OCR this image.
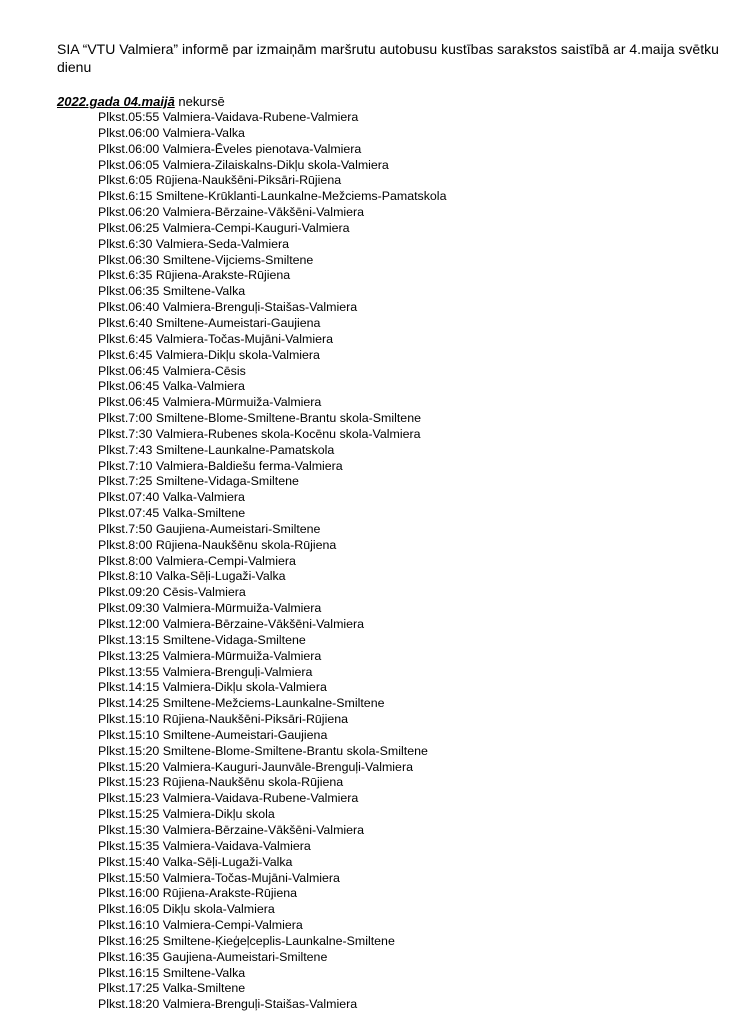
SIA “VTU Valmiera” informē par izmaiņām maršrutu autobusu kustības sarakstos saistībā ar 4.maija svētku dienu

2022.gada 04.maijā nekursē

Plkst.05:55 Valmiera-Vaidava-Rubene-Valmiera
Plkst.06:00 Valmiera-Valka
Plkst.06:00 Valmiera-Ēveles pienotava-Valmiera
Plkst.06:05 Valmiera-Zilaiskalns-Dikļu skola-Valmiera
Plkst.6:05 Rūjiena-Naukšēni-Piksāri-Rūjiena
Plkst.6:15 Smiltene-Krūklanti-Launkalne-Mežciems-Pamatskola
Plkst.06:20 Valmiera-Bērzaine-Vākšēni-Valmiera
Plkst.06:25 Valmiera-Cempi-Kauguri-Valmiera
Plkst.6:30 Valmiera-Seda-Valmiera
Plkst.06:30 Smiltene-Vijciems-Smiltene
Plkst.6:35 Rūjiena-Arakste-Rūjiena
Plkst.06:35 Smiltene-Valka
Plkst.06:40 Valmiera-Brenguļi-Staišas-Valmiera
Plkst.6:40 Smiltene-Aumeistari-Gaujiena
Plkst.6:45 Valmiera-Točas-Mujāni-Valmiera
Plkst.6:45 Valmiera-Dikļu skola-Valmiera
Plkst.06:45 Valmiera-Cēsis
Plkst.06:45 Valka-Valmiera
Plkst.06:45 Valmiera-Mūrmuiža-Valmiera
Plkst.7:00 Smiltene-Blome-Smiltene-Brantu skola-Smiltene
Plkst.7:30 Valmiera-Rubenes skola-Kocēnu skola-Valmiera
Plkst.7:43 Smiltene-Launkalne-Pamatskola
Plkst.7:10 Valmiera-Baldiešu ferma-Valmiera
Plkst.7:25 Smiltene-Vidaga-Smiltene
Plkst.07:40 Valka-Valmiera
Plkst.07:45 Valka-Smiltene
Plkst.7:50 Gaujiena-Aumeistari-Smiltene
Plkst.8:00 Rūjiena-Naukšēnu skola-Rūjiena
Plkst.8:00 Valmiera-Cempi-Valmiera
Plkst.8:10 Valka-Sēļi-Lugaži-Valka
Plkst.09:20 Cēsis-Valmiera
Plkst.09:30 Valmiera-Mūrmuiža-Valmiera
Plkst.12:00 Valmiera-Bērzaine-Vākšēni-Valmiera
Plkst.13:15 Smiltene-Vidaga-Smiltene
Plkst.13:25 Valmiera-Mūrmuiža-Valmiera
Plkst.13:55 Valmiera-Brenguļi-Valmiera
Plkst.14:15 Valmiera-Dikļu skola-Valmiera
Plkst.14:25 Smiltene-Mežciems-Launkalne-Smiltene
Plkst.15:10 Rūjiena-Naukšēni-Piksāri-Rūjiena
Plkst.15:10 Smiltene-Aumeistari-Gaujiena
Plkst.15:20 Smiltene-Blome-Smiltene-Brantu skola-Smiltene
Plkst.15:20 Valmiera-Kauguri-Jaunvāle-Brenguļi-Valmiera
Plkst.15:23 Rūjiena-Naukšēnu skola-Rūjiena
Plkst.15:23 Valmiera-Vaidava-Rubene-Valmiera
Plkst.15:25 Valmiera-Dikļu skola
Plkst.15:30 Valmiera-Bērzaine-Vākšēni-Valmiera
Plkst.15:35 Valmiera-Vaidava-Valmiera
Plkst.15:40 Valka-Sēļi-Lugaži-Valka
Plkst.15:50 Valmiera-Točas-Mujāni-Valmiera
Plkst.16:00 Rūjiena-Arakste-Rūjiena
Plkst.16:05 Dikļu skola-Valmiera
Plkst.16:10 Valmiera-Cempi-Valmiera
Plkst.16:25 Smiltene-Ķieģeļceplis-Launkalne-Smiltene
Plkst.16:35 Gaujiena-Aumeistari-Smiltene
Plkst.16:15 Smiltene-Valka
Plkst.17:25 Valka-Smiltene
Plkst.18:20 Valmiera-Brenguļi-Staišas-Valmiera
